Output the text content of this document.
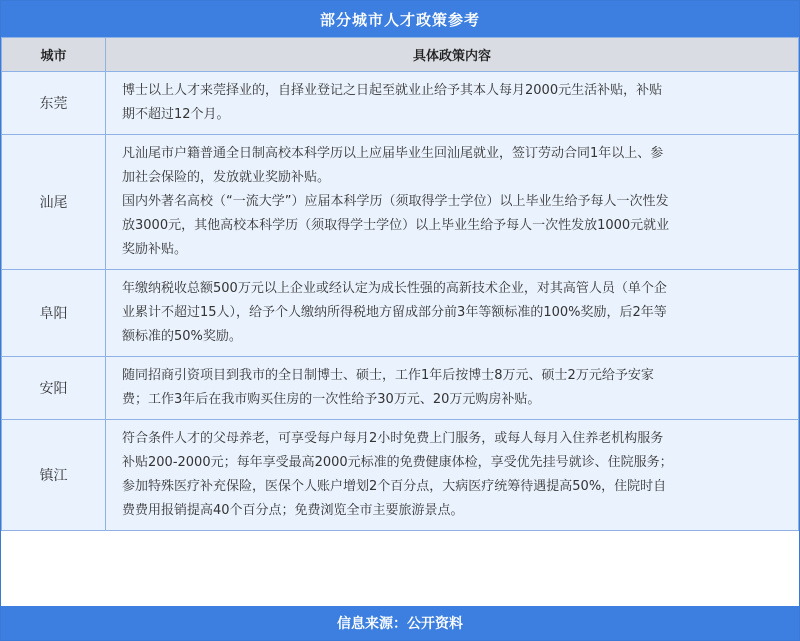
部分城市人才政策参考
城市	具体政策内容
东莞	博士以上人才来莞择业的，自择业登记之日起至就业止给予其本人每月2000元生活补贴，补贴
期不超过12个月。

汕尾	凡汕尾市户籍普通全日制高校本科学历以上应届毕业生回汕尾就业，签订劳动合同1年以上、参
加社会保险的，发放就业奖励补贴。
国内外著名高校（“一流大学”）应届本科学历（须取得学士学位）以上毕业生给予每人一次性发
放3000元，其他高校本科学历（须取得学士学位）以上毕业生给予每人一次性发放1000元就业
奖励补贴。

阜阳	年缴纳税收总额500万元以上企业或经认定为成长性强的高新技术企业，对其高管人员（单个企
业累计不超过15人），给予个人缴纳所得税地方留成部分前3年等额标准的100%奖励，后2年等
额标准的50%奖励。

安阳	随同招商引资项目到我市的全日制博士、硕士，工作1年后按博士8万元、硕士2万元给予安家
费；工作3年后在我市购买住房的一次性给予30万元、20万元购房补贴。

镇江	符合条件人才的父母养老，可享受每户每月2小时免费上门服务，或每人每月入住养老机构服务
补贴200-2000元；每年享受最高2000元标准的免费健康体检，享受优先挂号就诊、住院服务；
参加特殊医疗补充保险，医保个人账户增划2个百分点，大病医疗统筹待遇提高50%，住院时自
费费用报销提高40个百分点；免费浏览全市主要旅游景点。
信息来源：公开资料
